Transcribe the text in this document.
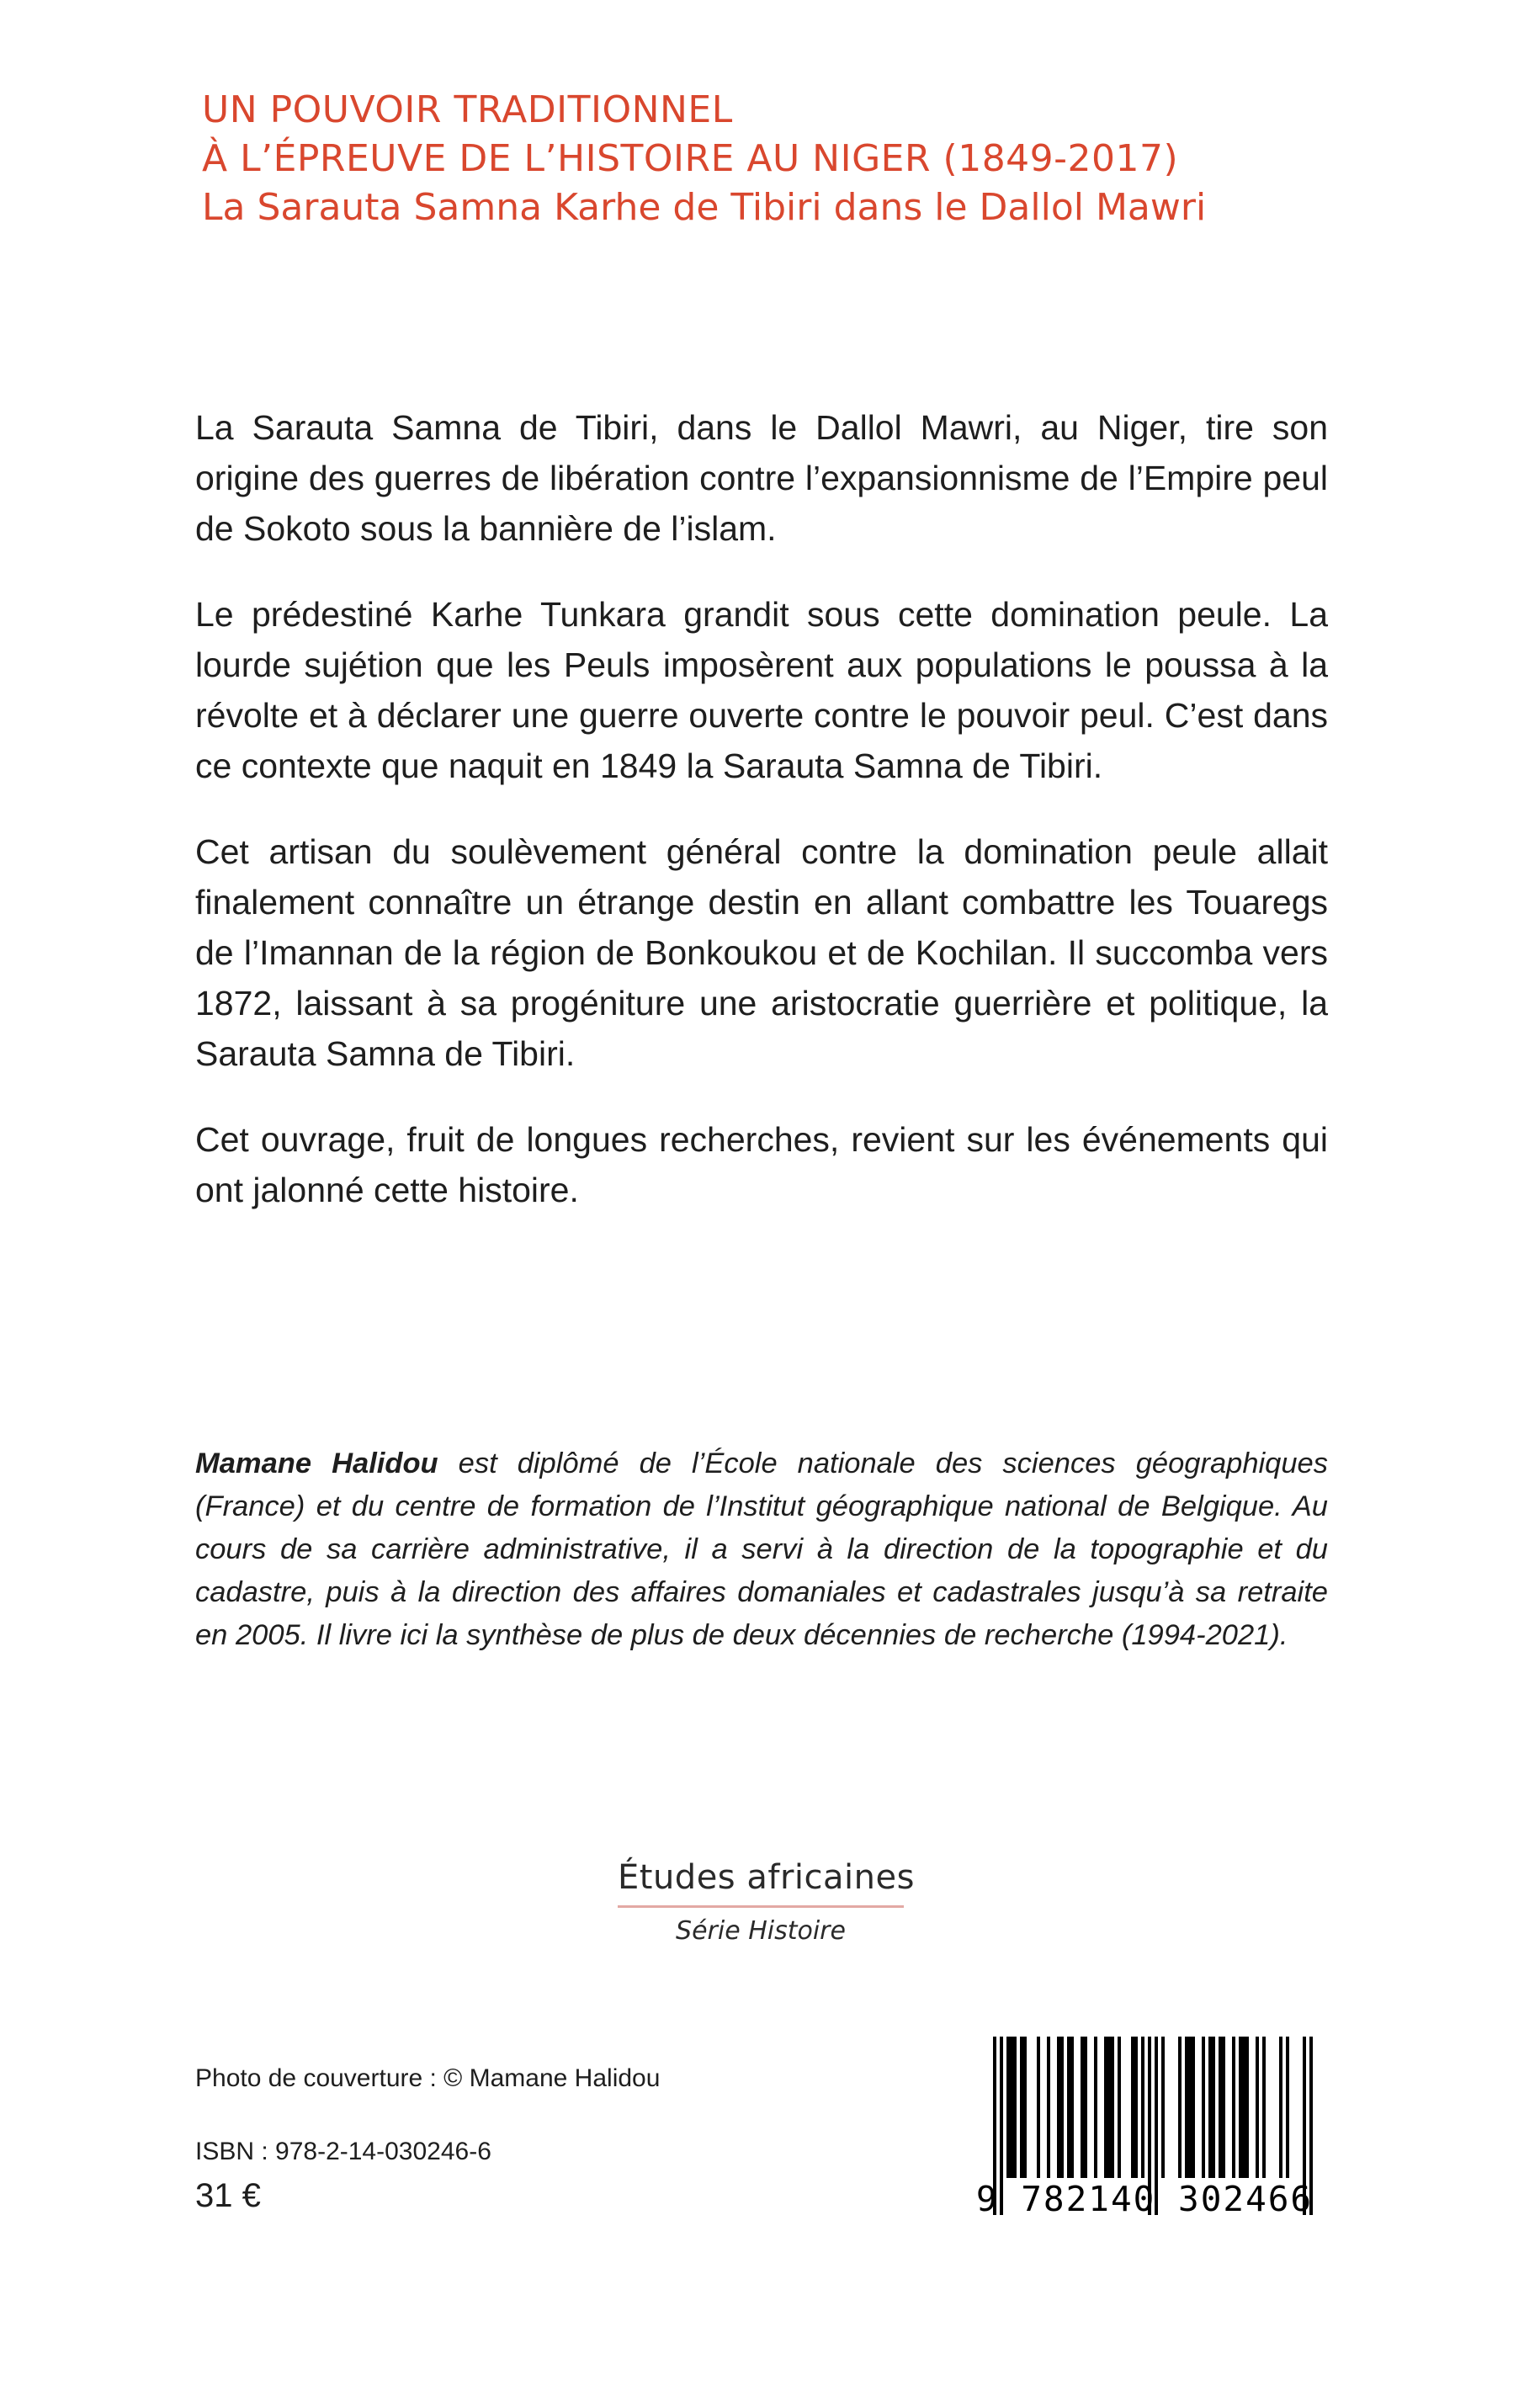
UN POUVOIR TRADITIONNEL

À L’ÉPREUVE DE L’HISTOIRE AU NIGER (1849-2017)

La Sarauta Samna Karhe de Tibiri dans le Dallol Mawri

La Sarauta Samna de Tibiri, dans le Dallol Mawri, au Niger, tire son origine des guerres de libération contre l’expansionnisme de l’Empire peul de Sokoto sous la bannière de l’islam.

Le prédestiné Karhe Tunkara grandit sous cette domination peule. La lourde sujétion que les Peuls imposèrent aux populations le poussa à la révolte et à déclarer une guerre ouverte contre le pouvoir peul. C’est dans ce contexte que naquit en 1849 la Sarauta Samna de Tibiri.

Cet artisan du soulèvement général contre la domination peule allait finalement connaître un étrange destin en allant combattre les Touaregs de l’Imannan de la région de Bonkoukou et de Kochilan. Il succomba vers 1872, laissant à sa progéniture une aristocratie guerrière et politique, la Sarauta Samna de Tibiri.

Cet ouvrage, fruit de longues recherches, revient sur les événements qui ont jalonné cette histoire.

Mamane Halidou est diplômé de l’École nationale des sciences géographiques (France) et du centre de formation de l’Institut géographique national de Belgique. Au cours de sa carrière administrative, il a servi à la direction de la topographie et du cadastre, puis à la direction des affaires domaniales et cadastrales jusqu’à sa retraite en 2005. Il livre ici la synthèse de plus de deux décennies de recherche (1994-2021).

Études africaines

Série Histoire

Photo de couverture : © Mamane Halidou

ISBN : 978-2-14-030246-6

31 €	9 782140 302466
